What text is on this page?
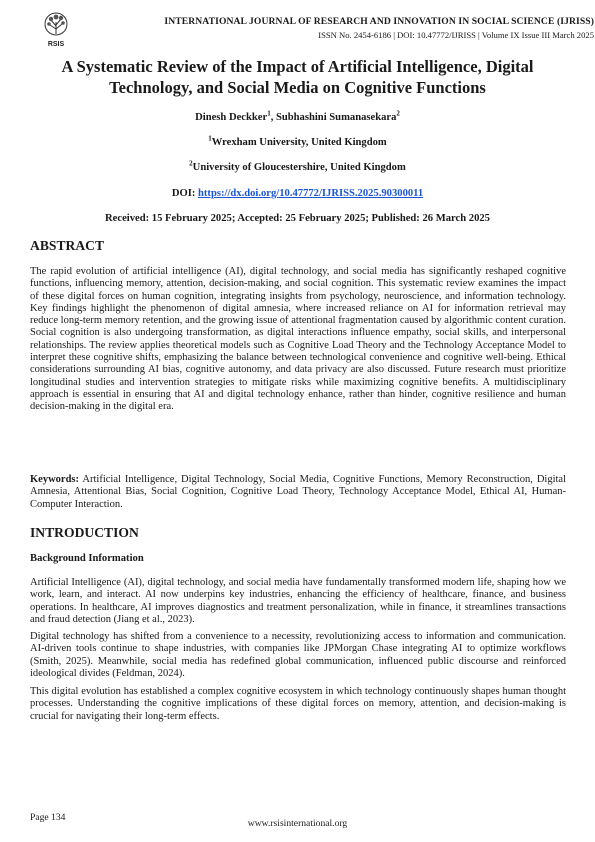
RSIS
INTERNATIONAL JOURNAL OF RESEARCH AND INNOVATION IN SOCIAL SCIENCE (IJRISS)
ISSN No. 2454-6186 | DOI: 10.47772/IJRISS | Volume IX Issue III March 2025
A Systematic Review of the Impact of Artificial Intelligence, Digital Technology, and Social Media on Cognitive Functions
Dinesh Deckker$^1$, Subhashini Sumanasekara$^2$
$^1$Wrexham University, United Kingdom
$^2$University of Gloucestershire, United Kingdom
DOI: https://dx.doi.org/10.47772/IJRISS.2025.90300011
Received: 15 February 2025; Accepted: 25 February 2025; Published: 26 March 2025
ABSTRACT

The rapid evolution of artificial intelligence (AI), digital technology, and social media has significantly reshaped cognitive functions, influencing memory, attention, decision-making, and social cognition. This systematic review examines the impact of these digital forces on human cognition, integrating insights from psychology, neuroscience, and information technology. Key findings highlight the phenomenon of digital amnesia, where increased reliance on AI for information retrieval may reduce long-term memory retention, and the growing issue of attentional fragmentation caused by algorithmic content curation. Social cognition is also undergoing transformation, as digital interactions influence empathy, social skills, and interpersonal relationships. The review applies theoretical models such as Cognitive Load Theory and the Technology Acceptance Model to interpret these cognitive shifts, emphasizing the balance between technological convenience and cognitive well-being. Ethical considerations surrounding AI bias, cognitive autonomy, and data privacy are also discussed. Future research must prioritize longitudinal studies and intervention strategies to mitigate risks while maximizing cognitive benefits. A multidisciplinary approach is essential in ensuring that AI and digital technology enhance, rather than hinder, cognitive resilience and human decision-making in the digital era.

Keywords: Artificial Intelligence, Digital Technology, Social Media, Cognitive Functions, Memory Reconstruction, Digital Amnesia, Attentional Bias, Social Cognition, Cognitive Load Theory, Technology Acceptance Model, Ethical AI, Human-Computer Interaction.

INTRODUCTION
Background Information

Artificial Intelligence (AI), digital technology, and social media have fundamentally transformed modern life, shaping how we work, learn, and interact. AI now underpins key industries, enhancing the efficiency of healthcare, finance, and business operations. In healthcare, AI improves diagnostics and treatment personalization, while in finance, it streamlines transactions and fraud detection (Jiang et al., 2023).

Digital technology has shifted from a convenience to a necessity, revolutionizing access to information and communication. AI-driven tools continue to shape industries, with companies like JPMorgan Chase integrating AI to optimize workflows (Smith, 2025). Meanwhile, social media has redefined global communication, influenced public discourse and reinforced ideological divides (Feldman, 2024).

This digital evolution has established a complex cognitive ecosystem in which technology continuously shapes human thought processes. Understanding the cognitive implications of these digital forces on memory, attention, and decision-making is crucial for navigating their long-term effects.

Page 134
www.rsisinternational.org
